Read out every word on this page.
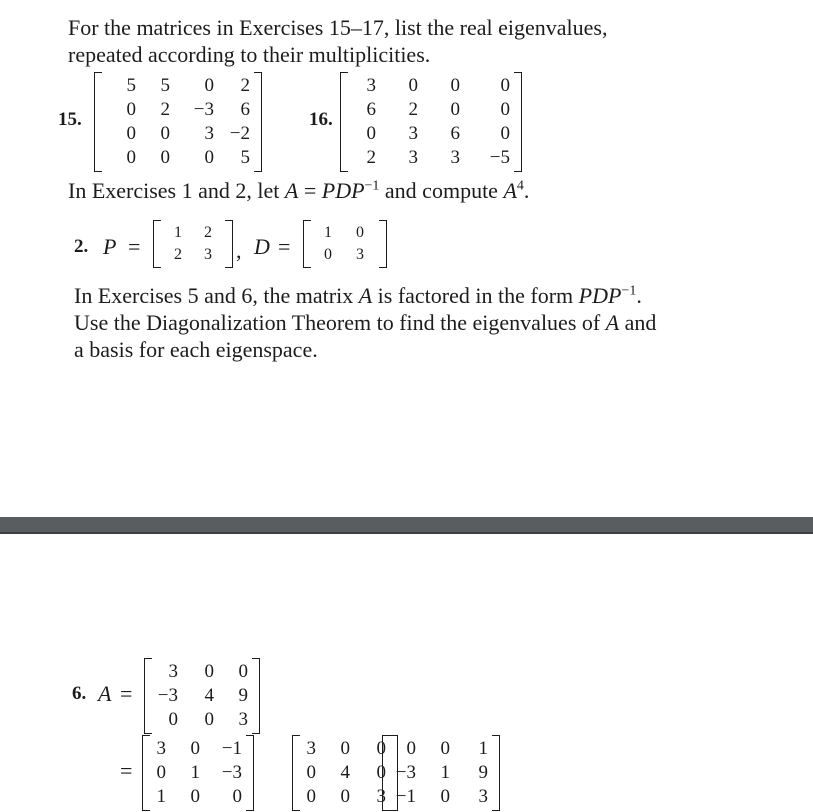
For the matrices in Exercises 15–17, list the real eigenvalues,
repeated according to their multiplicities.
15.
5	5	0	2
0	2	−3	6
0	0	3 −2
0	0	0	5
16.
3	0	0	0
6	2	0	0
0	3	6	0
2	3	3	−5
In Exercises 1 and 2, let $A = PDP^{-1}$ and compute $A^4$.
2. P =
1	2
2	3	, D =
1	0
0	3
In Exercises 5 and 6, the matrix A is factored in the form $PDP^{-1}$.
Use the Diagonalization Theorem to find the eigenvalues of A and
a basis for each eigenspace.
6. A =
3	0	0
−3	4	9
0	0	3
=
3	0	−1
0	1	−3
1	0	0
3	0	0
0	4	0
0	0	3
0	0	1
−3	1	9
−1	0	3
